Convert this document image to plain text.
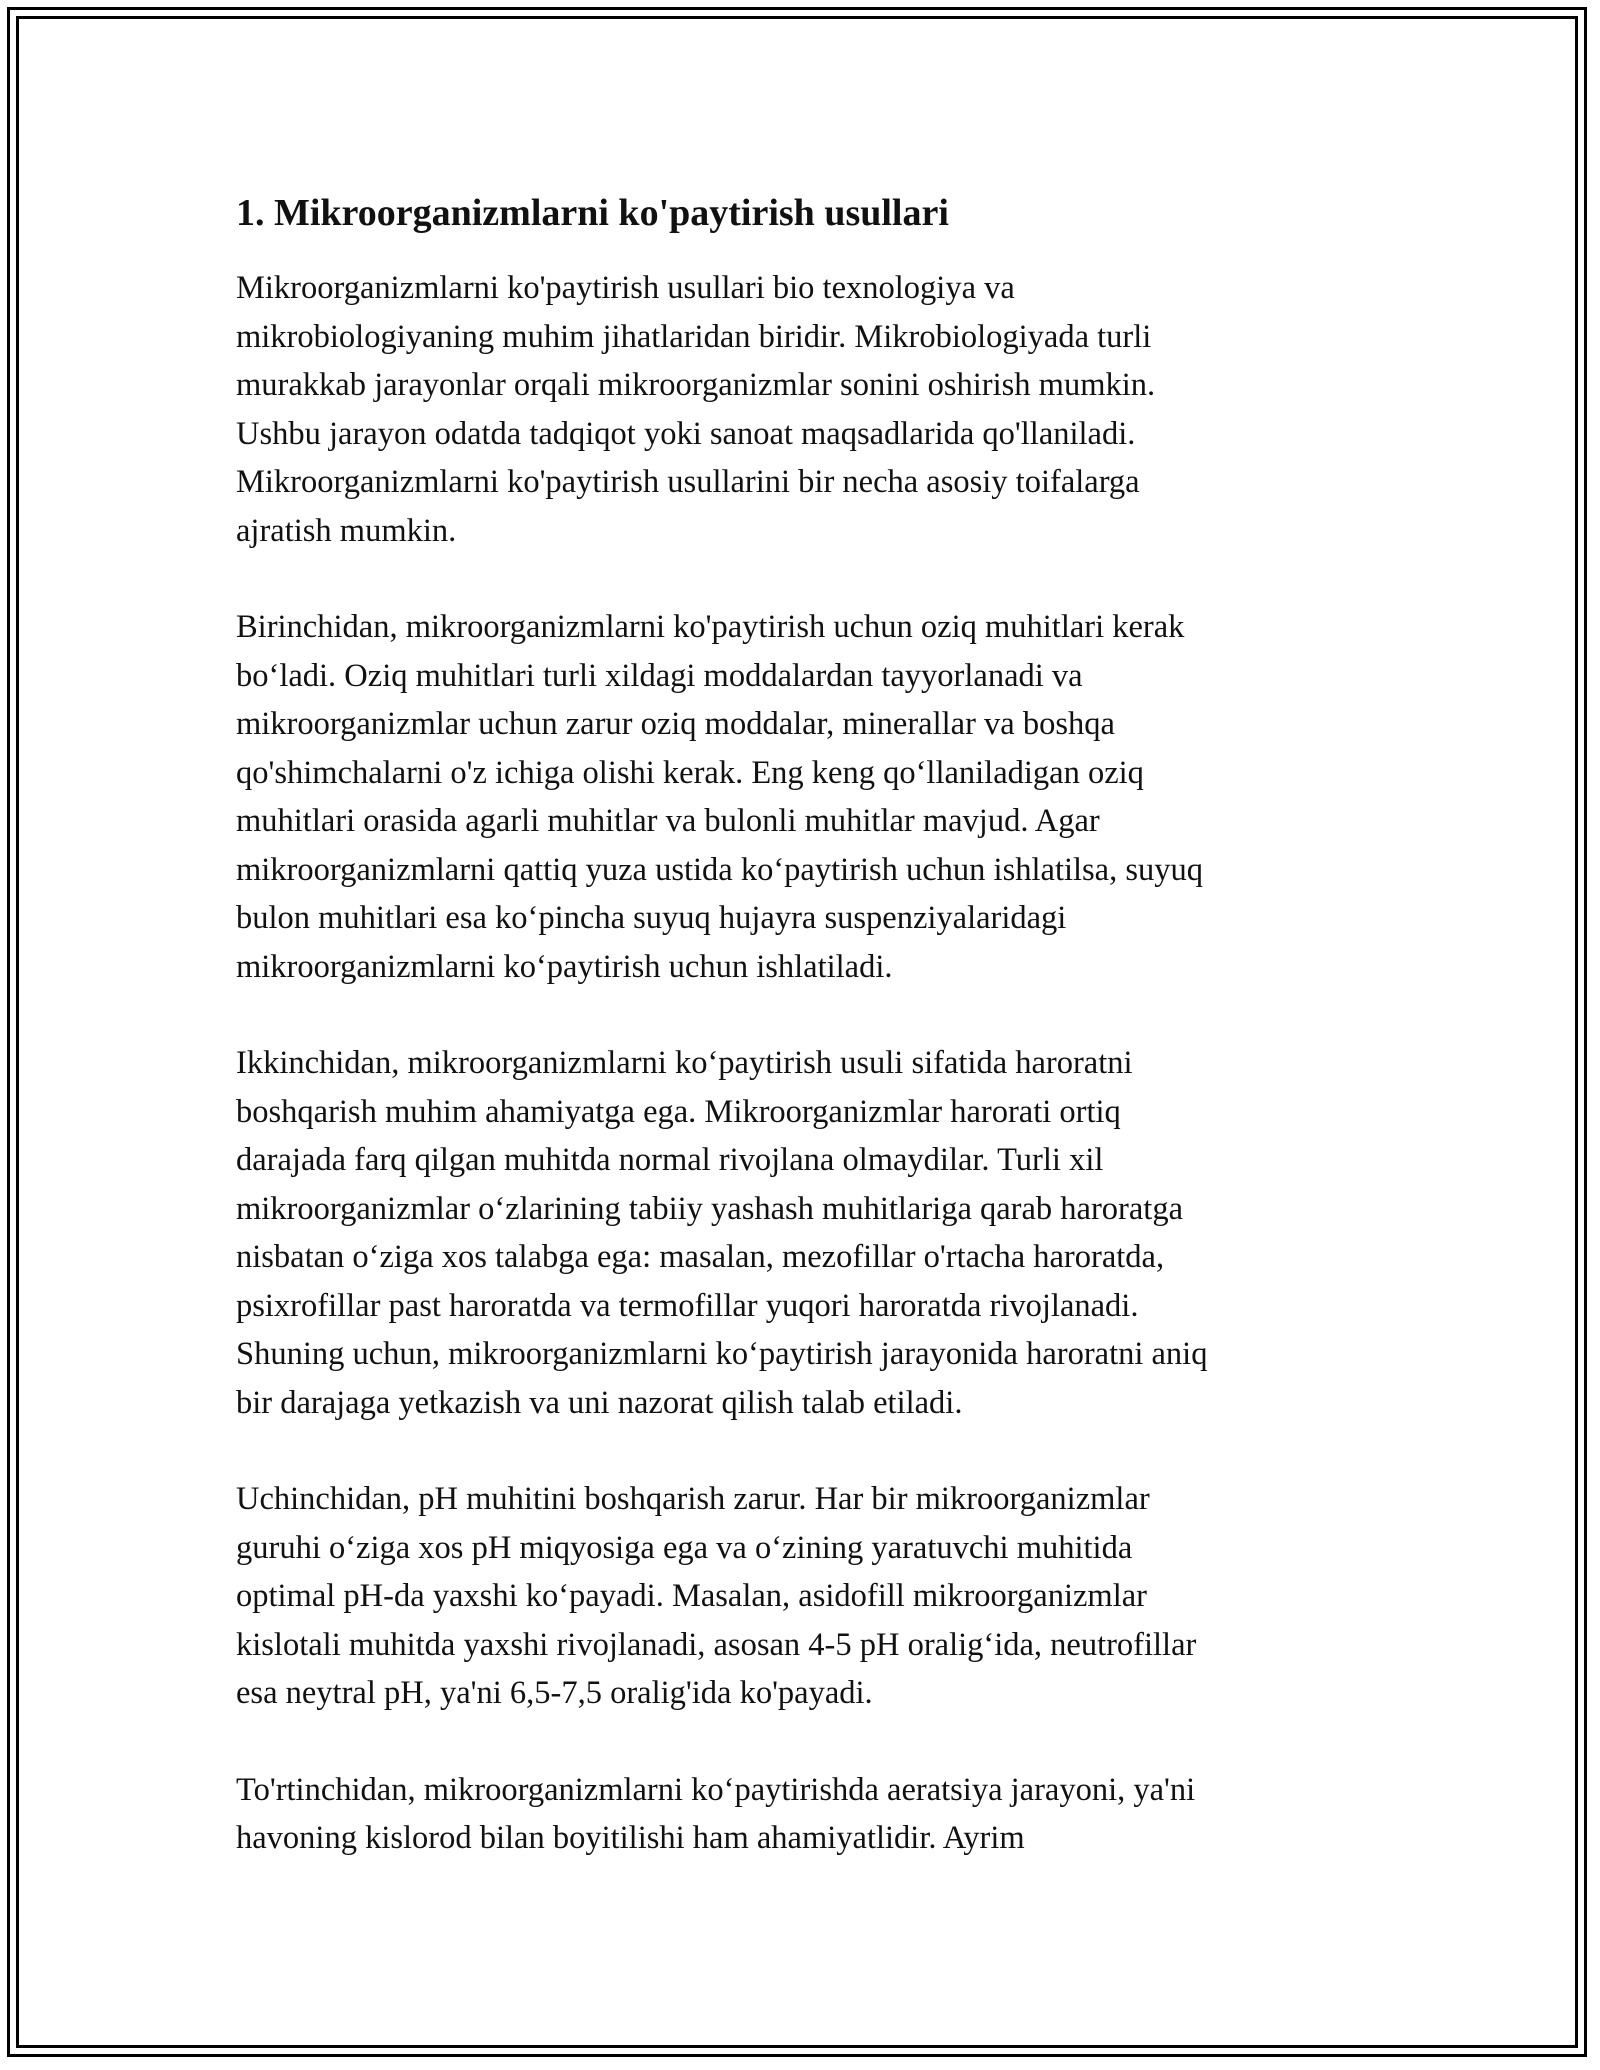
1. Mikroorganizmlarni ko'paytirish usullari

Mikroorganizmlarni ko'paytirish usullari bio texnologiya va
mikrobiologiyaning muhim jihatlaridan biridir. Mikrobiologiyada turli
murakkab jarayonlar orqali mikroorganizmlar sonini oshirish mumkin.
Ushbu jarayon odatda tadqiqot yoki sanoat maqsadlarida qo'llaniladi.
Mikroorganizmlarni ko'paytirish usullarini bir necha asosiy toifalarga
ajratish mumkin.

Birinchidan, mikroorganizmlarni ko'paytirish uchun oziq muhitlari kerak
bo‘ladi. Oziq muhitlari turli xildagi moddalardan tayyorlanadi va
mikroorganizmlar uchun zarur oziq moddalar, minerallar va boshqa
qo'shimchalarni o'z ichiga olishi kerak. Eng keng qo‘llaniladigan oziq
muhitlari orasida agarli muhitlar va bulonli muhitlar mavjud. Agar
mikroorganizmlarni qattiq yuza ustida ko‘paytirish uchun ishlatilsa, suyuq
bulon muhitlari esa ko‘pincha suyuq hujayra suspenziyalaridagi
mikroorganizmlarni ko‘paytirish uchun ishlatiladi.

Ikkinchidan, mikroorganizmlarni ko‘paytirish usuli sifatida haroratni
boshqarish muhim ahamiyatga ega. Mikroorganizmlar harorati ortiq
darajada farq qilgan muhitda normal rivojlana olmaydilar. Turli xil
mikroorganizmlar o‘zlarining tabiiy yashash muhitlariga qarab haroratga
nisbatan o‘ziga xos talabga ega: masalan, mezofillar o'rtacha haroratda,
psixrofillar past haroratda va termofillar yuqori haroratda rivojlanadi.
Shuning uchun, mikroorganizmlarni ko‘paytirish jarayonida haroratni aniq
bir darajaga yetkazish va uni nazorat qilish talab etiladi.

Uchinchidan, pH muhitini boshqarish zarur. Har bir mikroorganizmlar
guruhi o‘ziga xos pH miqyosiga ega va o‘zining yaratuvchi muhitida
optimal pH-da yaxshi ko‘payadi. Masalan, asidofill mikroorganizmlar
kislotali muhitda yaxshi rivojlanadi, asosan 4-5 pH oralig‘ida, neutrofillar
esa neytral pH, ya'ni 6,5-7,5 oralig'ida ko'payadi.

To'rtinchidan, mikroorganizmlarni ko‘paytirishda aeratsiya jarayoni, ya'ni
havoning kislorod bilan boyitilishi ham ahamiyatlidir. Ayrim
